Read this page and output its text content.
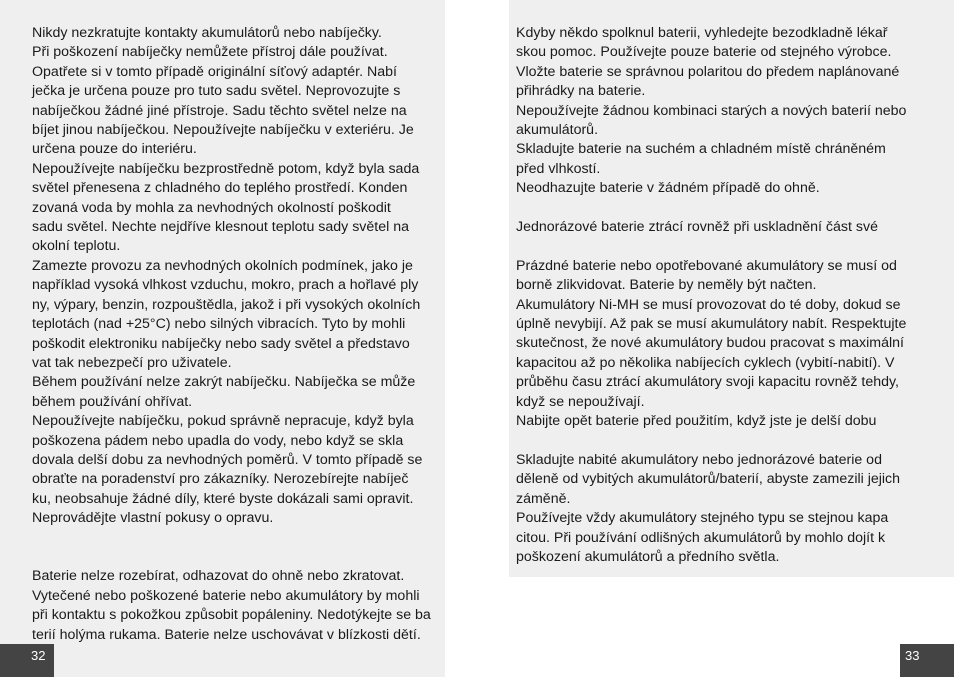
Nikdy nezkratujte kontakty akumulátorů nebo nabíječky.

Při poškození nabíječky nemůžete přístroj dále používat.
Opatřete si v tomto případě originální síťový adaptér. Nabí
ječka je určena pouze pro tuto sadu světel. Neprovozujte s
nabíječkou žádné jiné přístroje. Sadu těchto světel nelze na
bíjet jinou nabíječkou. Nepoužívejte nabíječku v exteriéru. Je
určena pouze do interiéru.

Nepoužívejte nabíječku bezprostředně potom, když byla sada
světel přenesena z chladného do teplého prostředí. Konden
zovaná voda by mohla za nevhodných okolností poškodit
sadu světel. Nechte nejdříve klesnout teplotu sady světel na
okolní teplotu.

Zamezte provozu za nevhodných okolních podmínek, jako je
například vysoká vlhkost vzduchu, mokro, prach a hořlavé ply
ny, výpary, benzin, rozpouštědla, jakož i při vysokých okolních
teplotách (nad +25°C) nebo silných vibracích. Tyto by mohli
poškodit elektroniku nabíječky nebo sady světel a představo
vat tak nebezpečí pro uživatele.

Během používání nelze zakrýt nabíječku. Nabíječka se může
během používání ohřívat.

Nepoužívejte nabíječku, pokud správně nepracuje, když byla
poškozena pádem nebo upadla do vody, nebo když se skla
dovala delší dobu za nevhodných poměrů. V tomto případě se
obraťte na poradenství pro zákazníky. Nerozebírejte nabíječ
ku, neobsahuje žádné díly, které byste dokázali sami opravit.
Neprovádějte vlastní pokusy o opravu.

Baterie nelze rozebírat, odhazovat do ohně nebo zkratovat.

Vytečené nebo poškozené baterie nebo akumulátory by mohli
při kontaktu s pokožkou způsobit popáleniny. Nedotýkejte se ba
terií holýma rukama. Baterie nelze uschovávat v blízkosti dětí.

Kdyby někdo spolknul baterii, vyhledejte bezodkladně lékař
skou pomoc. Používejte pouze baterie od stejného výrobce.

Vložte baterie se správnou polaritou do předem naplánované
přihrádky na baterie.

Nepoužívejte žádnou kombinaci starých a nových baterií nebo
akumulátorů.

Skladujte baterie na suchém a chladném místě chráněném
před vlhkostí.

Neodhazujte baterie v žádném případě do ohně.

Jednorázové baterie ztrácí rovněž při uskladnění část své

Prázdné baterie nebo opotřebované akumulátory se musí od
borně zlikvidovat. Baterie by neměly být načten.

Akumulátory Ni-MH se musí provozovat do té doby, dokud se
úplně nevybijí. Až pak se musí akumulátory nabít. Respektujte
skutečnost, že nové akumulátory budou pracovat s maximální
kapacitou až po několika nabíjecích cyklech (vybití-nabití). V
průběhu času ztrácí akumulátory svoji kapacitu rovněž tehdy,
když se nepoužívají.

Nabijte opět baterie před použitím, když jste je delší dobu

Skladujte nabité akumulátory nebo jednorázové baterie od
děleně od vybitých akumulátorů/baterií, abyste zamezili jejich
záměně.

Používejte vždy akumulátory stejného typu se stejnou kapa
citou. Při používání odlišných akumulátorů by mohlo dojít k
poškození akumulátorů a předního světla.

32	33
